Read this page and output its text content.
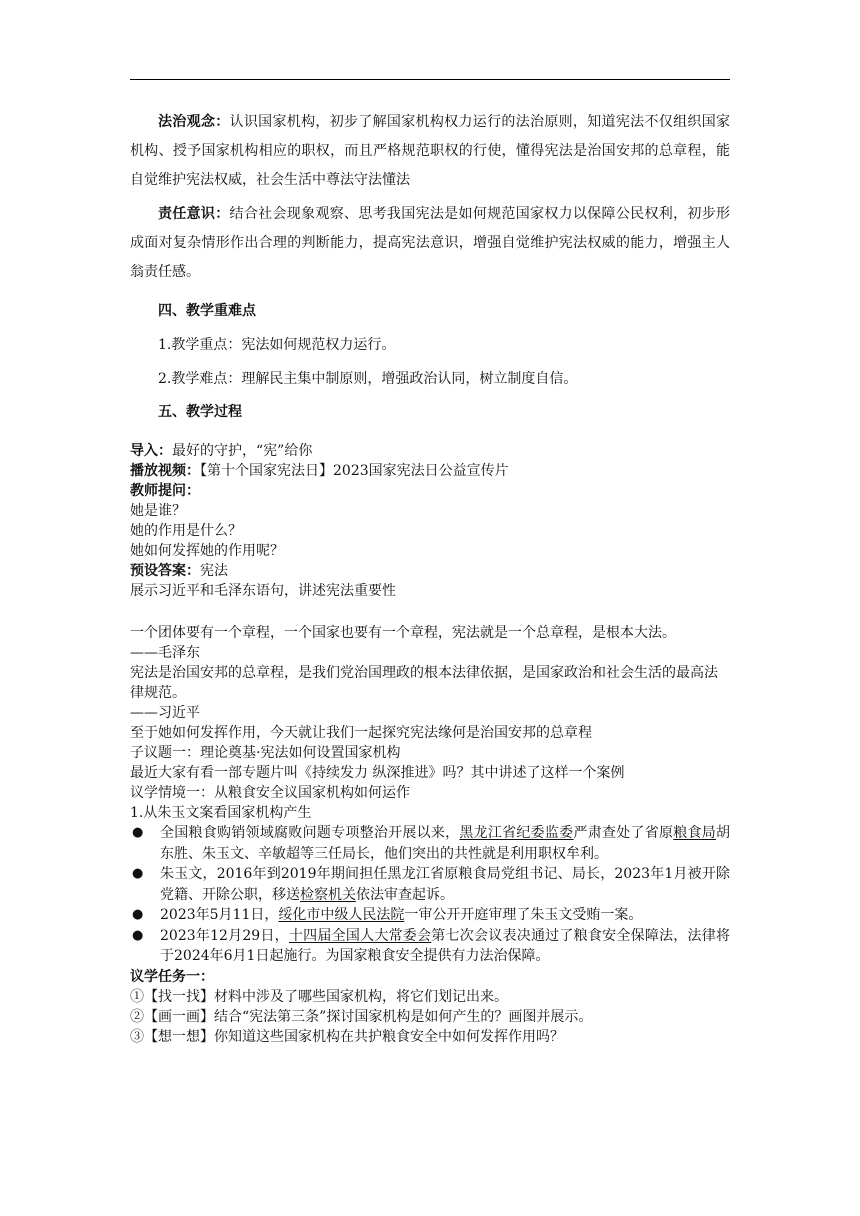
法治观念：认识国家机构，初步了解国家机构权力运行的法治原则，知道宪法不仅组织国家机构、授予国家机构相应的职权，而且严格规范职权的行使，懂得宪法是治国安邦的总章程，能自觉维护宪法权威，社会生活中尊法守法懂法

责任意识：结合社会现象观察、思考我国宪法是如何规范国家权力以保障公民权利，初步形成面对复杂情形作出合理的判断能力，提高宪法意识，增强自觉维护宪法权威的能力，增强主人翁责任感。

四、教学重难点

1.教学重点：宪法如何规范权力运行。

2.教学难点：理解民主集中制原则，增强政治认同，树立制度自信。

五、教学过程

导入：最好的守护，“宪”给你

播放视频：【第十个国家宪法日】2023国家宪法日公益宣传片

教师提问：

她是谁？

她的作用是什么？

她如何发挥她的作用呢？

预设答案：宪法

展示习近平和毛泽东语句，讲述宪法重要性

一个团体要有一个章程，一个国家也要有一个章程，宪法就是一个总章程，是根本大法。

——毛泽东

宪法是治国安邦的总章程，是我们党治国理政的根本法律依据，是国家政治和社会生活的最高法律规范。

——习近平

至于她如何发挥作用，今天就让我们一起探究宪法缘何是治国安邦的总章程

子议题一：理论奠基·宪法如何设置国家机构

最近大家有看一部专题片叫《持续发力 纵深推进》吗？其中讲述了这样一个案例

议学情境一：从粮食安全议国家机构如何运作

1.从朱玉文案看国家机构产生

● 全国粮食购销领域腐败问题专项整治开展以来，黑龙江省纪委监委严肃查处了省原粮食局胡东胜、朱玉文、辛敏超等三任局长，他们突出的共性就是利用职权牟利。
● 朱玉文，2016年到2019年期间担任黑龙江省原粮食局党组书记、局长，2023年1月被开除党籍、开除公职，移送检察机关依法审查起诉。
● 2023年5月11日，绥化市中级人民法院一审公开开庭审理了朱玉文受贿一案。
● 2023年12月29日，十四届全国人大常委会第七次会议表决通过了粮食安全保障法，法律将于2024年6月1日起施行。为国家粮食安全提供有力法治保障。

议学任务一：

①【找一找】材料中涉及了哪些国家机构，将它们划记出来。

②【画一画】结合“宪法第三条”探讨国家机构是如何产生的？画图并展示。

③【想一想】你知道这些国家机构在共护粮食安全中如何发挥作用吗？
